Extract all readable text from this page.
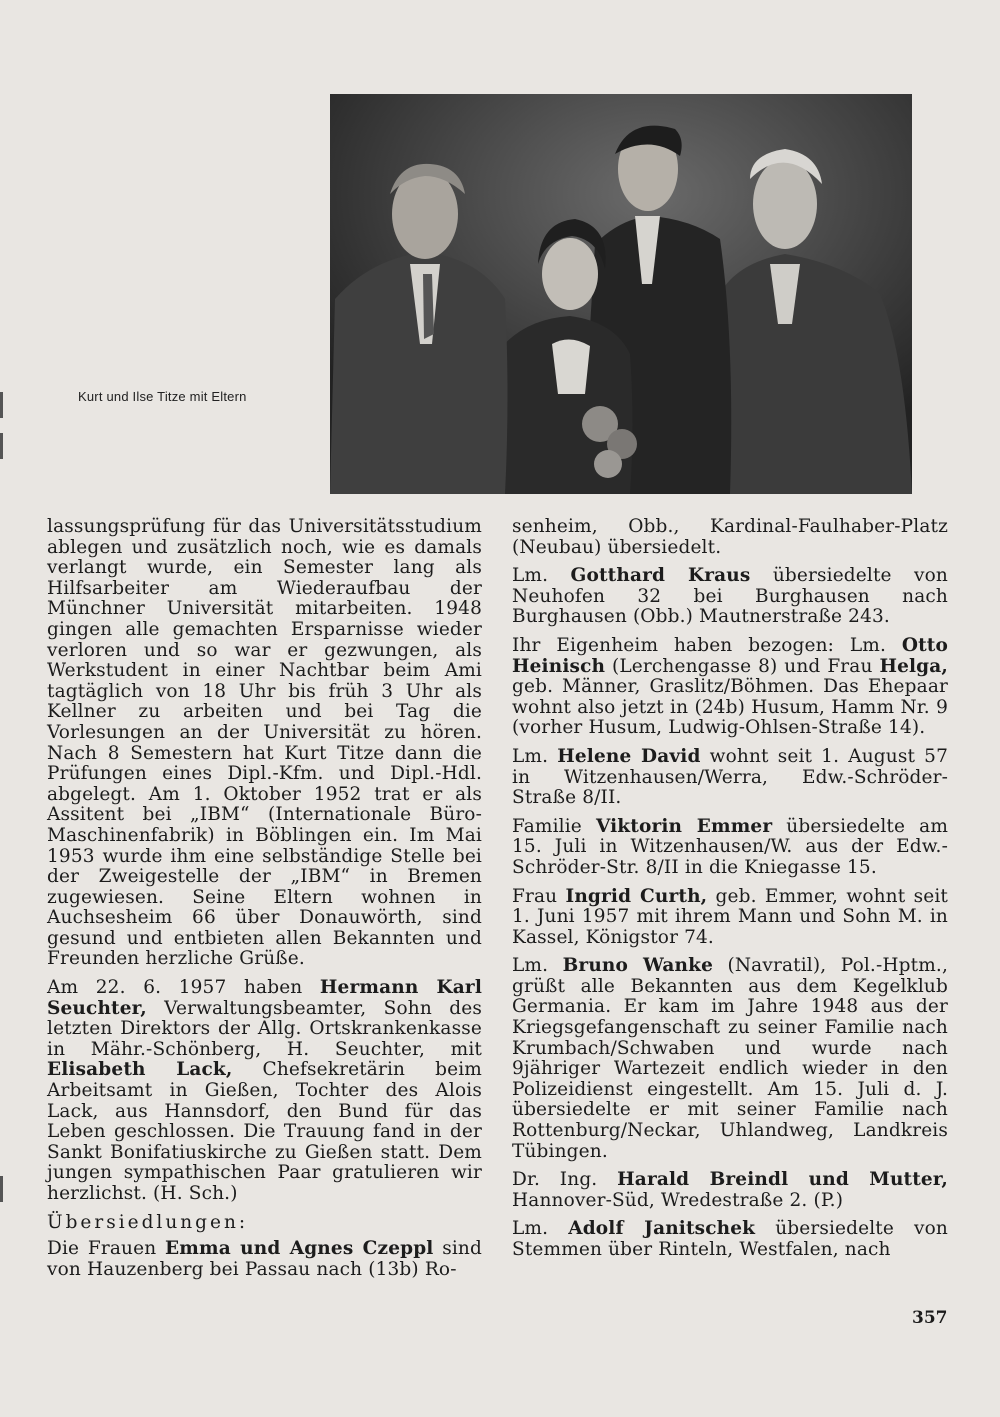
Kurt und Ilse Titze mit Eltern

lassungsprüfung für das Universitätsstudium ablegen und zusätzlich noch, wie es damals verlangt wurde, ein Semester lang als Hilfsarbeiter am Wiederaufbau der Münchner Universität mitarbeiten. 1948 gingen alle gemachten Ersparnisse wieder verloren und so war er gezwungen, als Werkstudent in einer Nachtbar beim Ami tagtäglich von 18 Uhr bis früh 3 Uhr als Kellner zu arbeiten und bei Tag die Vorlesungen an der Universität zu hören. Nach 8 Semestern hat Kurt Titze dann die Prüfungen eines Dipl.-Kfm. und Dipl.-Hdl. abgelegt. Am 1. Oktober 1952 trat er als Assitent bei „IBM“ (Internationale Büro-Maschinenfabrik) in Böblingen ein. Im Mai 1953 wurde ihm eine selbständige Stelle bei der Zweigestelle der „IBM“ in Bremen zugewiesen. Seine Eltern wohnen in Auchsesheim 66 über Donauwörth, sind gesund und entbieten allen Bekannten und Freunden herzliche Grüße.

Am 22. 6. 1957 haben Hermann Karl Seuchter, Verwaltungsbeamter, Sohn des letzten Direktors der Allg. Ortskrankenkasse in Mähr.-Schönberg, H. Seuchter, mit Elisabeth Lack, Chefsekretärin beim Arbeitsamt in Gießen, Tochter des Alois Lack, aus Hannsdorf, den Bund für das Leben geschlossen. Die Trauung fand in der Sankt Bonifatiuskirche zu Gießen statt. Dem jungen sympathischen Paar gratulieren wir herzlichst. (H. Sch.)

Übersiedlungen:

Die Frauen Emma und Agnes Czeppl sind von Hauzenberg bei Passau nach (13b) Ro-

senheim, Obb., Kardinal-Faulhaber-Platz (Neubau) übersiedelt.

Lm. Gotthard Kraus übersiedelte von Neuhofen 32 bei Burghausen nach Burghausen (Obb.) Mautnerstraße 243.

Ihr Eigenheim haben bezogen: Lm. Otto Heinisch (Lerchengasse 8) und Frau Helga, geb. Männer, Graslitz/Böhmen. Das Ehepaar wohnt also jetzt in (24b) Husum, Hamm Nr. 9 (vorher Husum, Ludwig-Ohlsen-Straße 14).

Lm. Helene David wohnt seit 1. August 57 in Witzenhausen/Werra, Edw.-Schröder-Straße 8/II.

Familie Viktorin Emmer übersiedelte am 15. Juli in Witzenhausen/W. aus der Edw.-Schröder-Str. 8/II in die Kniegasse 15.

Frau Ingrid Curth, geb. Emmer, wohnt seit 1. Juni 1957 mit ihrem Mann und Sohn M. in Kassel, Königstor 74.

Lm. Bruno Wanke (Navratil), Pol.-Hptm., grüßt alle Bekannten aus dem Kegelklub Germania. Er kam im Jahre 1948 aus der Kriegsgefangenschaft zu seiner Familie nach Krumbach/Schwaben und wurde nach 9jähriger Wartezeit endlich wieder in den Polizeidienst eingestellt. Am 15. Juli d. J. übersiedelte er mit seiner Familie nach Rottenburg/Neckar, Uhlandweg, Landkreis Tübingen.

Dr. Ing. Harald Breindl und Mutter, Hannover-Süd, Wredestraße 2. (P.)

Lm. Adolf Janitschek übersiedelte von Stemmen über Rinteln, Westfalen, nach

357
